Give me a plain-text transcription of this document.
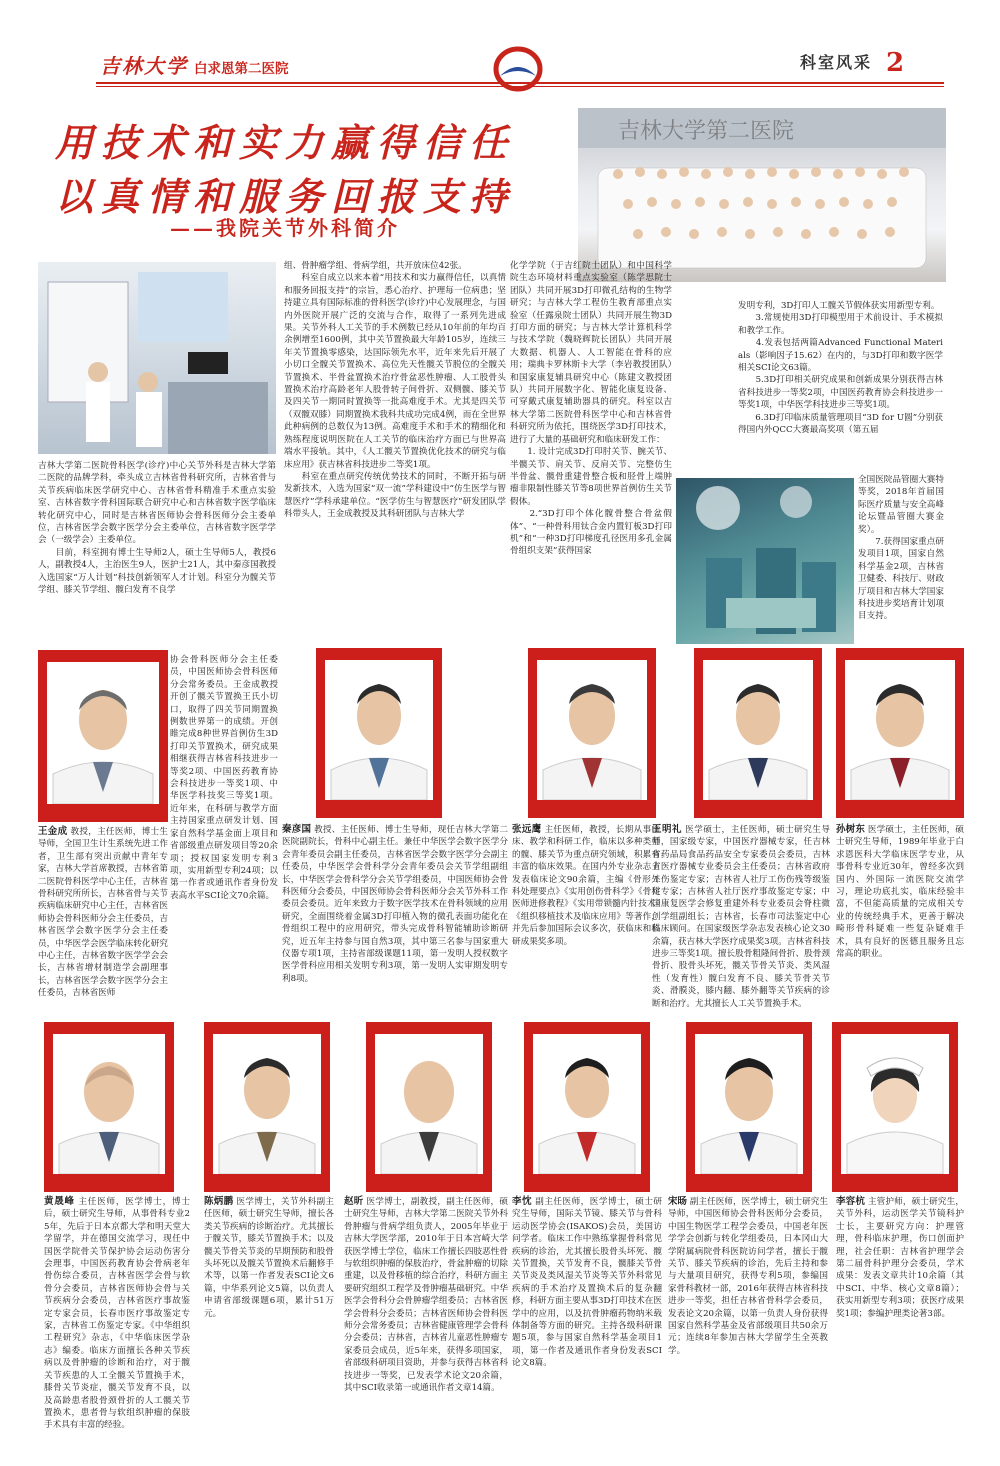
吉林大学 白求恩第二医院	科室风采 2
用技术和实力赢得信任
以真情和服务回报支持
——我院关节外科简介
吉林大学第二医院
吉林大学第二医院骨科医学(诊疗)中心关节外科是吉林大学第二医院的品牌学科，牵头成立吉林省骨科研究所，吉林省骨与关节疾病临床医学研究中心、吉林省骨科精准手术重点实验室、吉林省数字骨科国际联合研究中心和吉林省数字医学临床转化研究中心，同时是吉林省医师协会骨科医师分会主委单位，吉林省医学会数字医学分会主委单位，吉林省数字医学学会（一级学会）主委单位。
　　目前，科室拥有博士生导师2人，硕士生导师5人，教授6人，副教授4人，主治医生9人，医护士21人，其中秦彦国教授入选国家“万人计划”科技创新领军人才计划。科室分为髋关节学组、膝关节学组、髋臼发育不良学
组、骨肿瘤学组、骨病学组，共开放床位42张。
　　科室自成立以来本着“用技术和实力赢得信任，以真情和服务回报支持”的宗旨，悉心治疗、护理每一位病患；坚持建立具有国际标准的骨科医学(诊疗)中心发展理念，与国内外医院开展广泛的交流与合作，取得了一系列先进成果。关节外科人工关节的手术例数已经从10年前的年均百余例增至1600例，其中关节置换最大年龄105岁，连续三年关节置换零感染，达国际领先水平，近年来先后开展了小切口全髋关节置换术、高位先天性髋关节脱位的全髋关节置换术、半骨盆置换术治疗骨盆恶性肿瘤、人工股骨头置换术治疗高龄老年人股骨转子间骨折、双侧髋、膝关节及四关节一期同时置换等一批高难度手术。尤其是四关节（双髋双膝）同期置换术我科共成功完成4例，而在全世界此种病例的总数仅为13例。高难度手术和手术的精细化和熟练程度说明医院在人工关节的临床治疗方面已与世界高端水平接轨。其中，《人工髋关节置换优化技术的研究与临床应用》获吉林省科技进步二等奖1项。
　　科室在重点研究传统优势技术的同时，不断开拓与研发新技术，入选为国家“双一流”学科建设中“仿生医学与智慧医疗”学科承建单位。“医学仿生与智慧医疗”研发团队学科带头人，王金成教授及其科研团队与吉林大学
化学学院（于吉红院士团队）和中国科学院生态环境材料重点实验室（陈学思院士团队）共同开展3D打印微孔结构的生物学研究；与吉林大学工程仿生教育部重点实验室（任露泉院士团队）共同开展生物3D打印方面的研究；与吉林大学计算机科学与技术学院（魏晓辉院长团队）共同开展大数据、机器人、人工智能在骨科的应用；瑞典卡罗林斯卡大学（李岩教授团队）和国家康复辅具研究中心（陈建文教授团队）共同开展数字化、智能化康复设备、可穿戴式康复辅助器具的研究。科室以吉林大学第二医院骨科医学中心和吉林省骨科研究所为依托，围绕医学3D打印技术，进行了大量的基础研究和临床研发工作：
　　1. 设计完成3D打印肘关节、腕关节、半髋关节、肩关节、反肩关节、完整仿生半骨盆、髋骨重建骨整合板和胫骨上端肿瘤非限制性膝关节等8项世界首例仿生关节假体。
　　2.“3D打印个体化髋骨整合骨盆假体”、“一种骨科用钛合金内置钉板3D打印机”和“一种3D打印梯度孔径医用多孔金属骨组织支架”获得国家
发明专利，3D打印人工髋关节假体获实用新型专利。
　　3.常规使用3D打印模型用于术前设计、手术模拟和教学工作。
　　4.发表包括两篇Advanced Functional Materials（影响因子15.62）在内的，与3D打印和数字医学相关SCI论文63篇。
　　5.3D打印相关研究成果和创新成果分别获得吉林省科技进步一等奖2项，中国医药教育协会科技进步一等奖1项，中华医学科技进步三等奖1项。
　　6.3D打印临床质量管理项目“3D for U圆”分别获得国内外QCC大赛最高奖项（第五届
全国医院品管圈大赛特等奖，2018年首届国际医疗质量与安全高峰论坛暨品管圈大赛金奖）。
　　7.获得国家重点研发项目1项，国家自然科学基金2项，吉林省卫健委、科技厅、财政厅项目和吉林大学国家科技进步奖培育计划项目支持。
协会骨科医师分会主任委员，中国医师协会骨科医师分会常务委员。王金成教授开创了髋关节置换王氏小切口，取得了四关节同期置换例数世界第一的成绩。开创睢完成8种世界首例仿生3D打印关节置换术，研究成果相继获得吉林省科技进步一等奖2项、中国医药教育协会科技进步一等奖1项、中华医学科技奖三等奖1项。近年来，在科研与教学方面主持国家重点研发计划、国家自然科学基金面上项目和省部级重点研发项目等20余项；授权国家发明专利3项，实用新型专利24项；以第一作者或通讯作者身份发表高水平SCI论文70余篇。
王金成 教授，主任医师，博士生导师，全国卫生计生系统先进工作者，卫生部有突出贡献中青年专家，吉林大学首席教授，吉林省第二医院骨科医学中心主任，吉林省骨科研究所所长，吉林省骨与关节疾病临床研究中心主任，吉林省医师协会骨科医师分会主任委员，吉林省医学会数字医学分会主任委员，中华医学会医学临床转化研究中心主任，吉林省数字医学学会会长，吉林省增材制造学会副理事长，吉林省医学会数字医学分会主任委员，吉林省医师
秦彦国 教授、主任医师、博士生导师，现任吉林大学第二医院副院长，骨科中心副主任。兼任中华医学会数字医学分会青年委员会副主任委员，吉林省医学会数字医学分会副主任委员，中华医学会骨科学分会青年委员会关节学组副组长，中华医学会骨科学分会关节学组委员，中国医师协会骨科医师分会委员，中国医师协会骨科医师分会关节外科工作委员会委员。近年来致力于数字医学技术在骨科领域的应用研究，全面围绕着金属3D打印植入物的微孔表面功能化在骨组织工程中的应用研究，带头完成骨科智能辅助诊断研究，近五年主持参与国自然3项，其中第三名参与国家重大仪器专项1项，主持省部级课题11项，第一发明人授权数字医学骨科应用相关发明专利3项，第一发明人实审期发明专利8项。
张远鹰 主任医师，教授，长期从事临床、教学和科研工作，临床以多种类型的髋、膝关节为重点研究领域，积累有丰富的临床效果。在国内外专业杂志上发表临床论文90余篇，主编《骨形外科处理要点》《实用创伤骨科学》《骨科医师进修教程》《实用带锁髓内针技术》《组织移植技术及临床应用》等著作，并先后参加国际会议多次，获临床和科研成果奖多项。
王明礼 医学硕士，主任医师，硕士研究生导师，国家级专家，中国医疗器械专家，任吉林省药品局食品药品安全专家委员会委员，吉林省医疗器械专业委员会主任委员；吉林省政府工伤鉴定专家；吉林省人社厅工伤伤残等级鉴定专家；吉林省人社厅医疗事故鉴定专家；中国康复医学会修复重建外科专业委员会脊柱微创学组副组长；吉林省，长春市司法鉴定中心临床顾问。在国家级医学杂志发表核心论文30余篇，获吉林大学医疗成果奖3项。吉林省科技进步三等奖1项。擅长股骨粗隆间骨折、股骨颈骨折、股骨头坏死，髋关节骨关节炎、类风湿性（发育性）髋臼发育不良、膝关节骨关节炎、滑膜炎，膝内翻、膝外翻等关节疾病的诊断和治疗。尤其擅长人工关节置换手术。
孙树东 医学硕士，主任医师，硕士研究生导师，1989年毕业于白求恩医科大学临床医学专业，从事骨科专业近30年，曾经多次到国内、外国际一流医院交流学习，理论功底扎实，临床经验丰富，不但能高质量的完成相关专业的传统经典手术，更善于解决畸形骨科疑难一些复杂疑难手术，具有良好的医德且服务且忘常高的职业。
黄晟峰 主任医师，医学博士，博士后，硕士研究生导师，从事骨科专业25年，先后于日本京都大学和明天堂大学留学，并在德国交流学习，现任中国医学院骨关节保护协会运动伤害分会理事，中国医药教育协会骨病老年骨伤综合委员，吉林省医学会骨与软骨分会委员，吉林省医师协会骨与关节疾病分会委员，吉林省医疗事故鉴定专家会员，长春市医疗事故鉴定专家，吉林省工伤鉴定专家。《中华组织工程研究》杂志，《中华临床医学杂志》编委。临床方面擅长各种关节疾病以及骨肿瘤的诊断和治疗，对于髋关节疾患的人工全髋关节置换手术，膝骨关节炎症，髋关节发育不良，以及高龄患者股骨颈骨折的人工髋关节置换术，患者骨与软组织肿瘤的保肢手术具有丰富的经验。
陈炳鹏 医学博士，关节外科副主任医师，硕士研究生导师，擅长各类关节疾病的诊断治疗。尤其擅长于髋关节，膝关节置换手术；以及髋关节骨关节炎的早期预防和股骨头坏死以及髋关节置换术后翻修手术等，以第一作者发表SCI论文6篇，中华系列论文5篇，以负责人申请省部级课题6项，累计51万元。
赵昕 医学博士，副教授，副主任医师，硕士研究生导师，吉林大学第二医院关节外科骨肿瘤与骨病学组负责人，2005年毕业于吉林大学医学部，2010年于日本宫崎大学获医学博士学位，临床工作擅长四肢恶性骨与软组织肿瘤的保肢治疗，骨盆肿瘤的切除重建，以及骨移植的综合治疗，科研方面主要研究组织工程学及骨肿瘤基础研究。中华医学会骨科分会骨肿瘤学组委员；吉林省医学会骨科分会委员；吉林省医师协会骨科医师分会常务委员；吉林省健康管理学会骨科分会委员；吉林省，吉林省儿童恶性肿瘤专家委员会成员，近5年来，获得多项国家，省部级科研项目资助，并参与获得吉林省科技进步一等奖，已发表学术论文20余篇，其中SCI收录第一或通讯作者文章14篇。
李忱 副主任医师，医学博士，硕士研究生导师，国际关节镜、膝关节与骨科运动医学协会(ISAKOS)会员，美国访问学者。临床工作中熟练掌握骨科常见疾病的诊治，尤其擅长股骨头坏死、髋关节置换，关节发育不良，髋膝关节骨关节炎及类风湿关节炎等关节外科常见疾病的手术治疗及置换术后的复杂翻修，科研方面主要从事3D打印技术在医学中的应用，以及抗骨肿瘤药物纳米载体制备等方面的研究。主持各级科研课题5项，参与国家自然科学基金项目1项，第一作者及通讯作者身份发表SCI论文8篇。
宋旸 副主任医师，医学博士，硕士研究生导师，中国医师协会骨科医师分会委员，中国生物医学工程学会委员，中国老年医学学会创新与转化学组委员，日本冈山大学附属病院骨科医院访问学者，擅长于髋关节、膝关节疾病的诊治，先后主持和参与大量项目研究，获得专利5项，参编国家骨科教材一部，2016年获得吉林省科技进步一等奖，担任吉林省骨科学会委员，发表论文20余篇，以第一负责人身份获得国家自然科学基金及省部级项目共50余万元；连续8年参加吉林大学留学生全英教学。
李容杭 主管护师，硕士研究生，关节外科，运动医学关节镜科护士长，主要研究方向：护理管理，骨科临床护理，伤口创面护理，社会任职：吉林省护理学会第二届骨科护理分会委员，学术成果：发表文章共计10余篇（其中SCI、中华、核心文章8篇）；获实用新型专利3项；获医疗成果奖1项；参编护理类论著3部。
